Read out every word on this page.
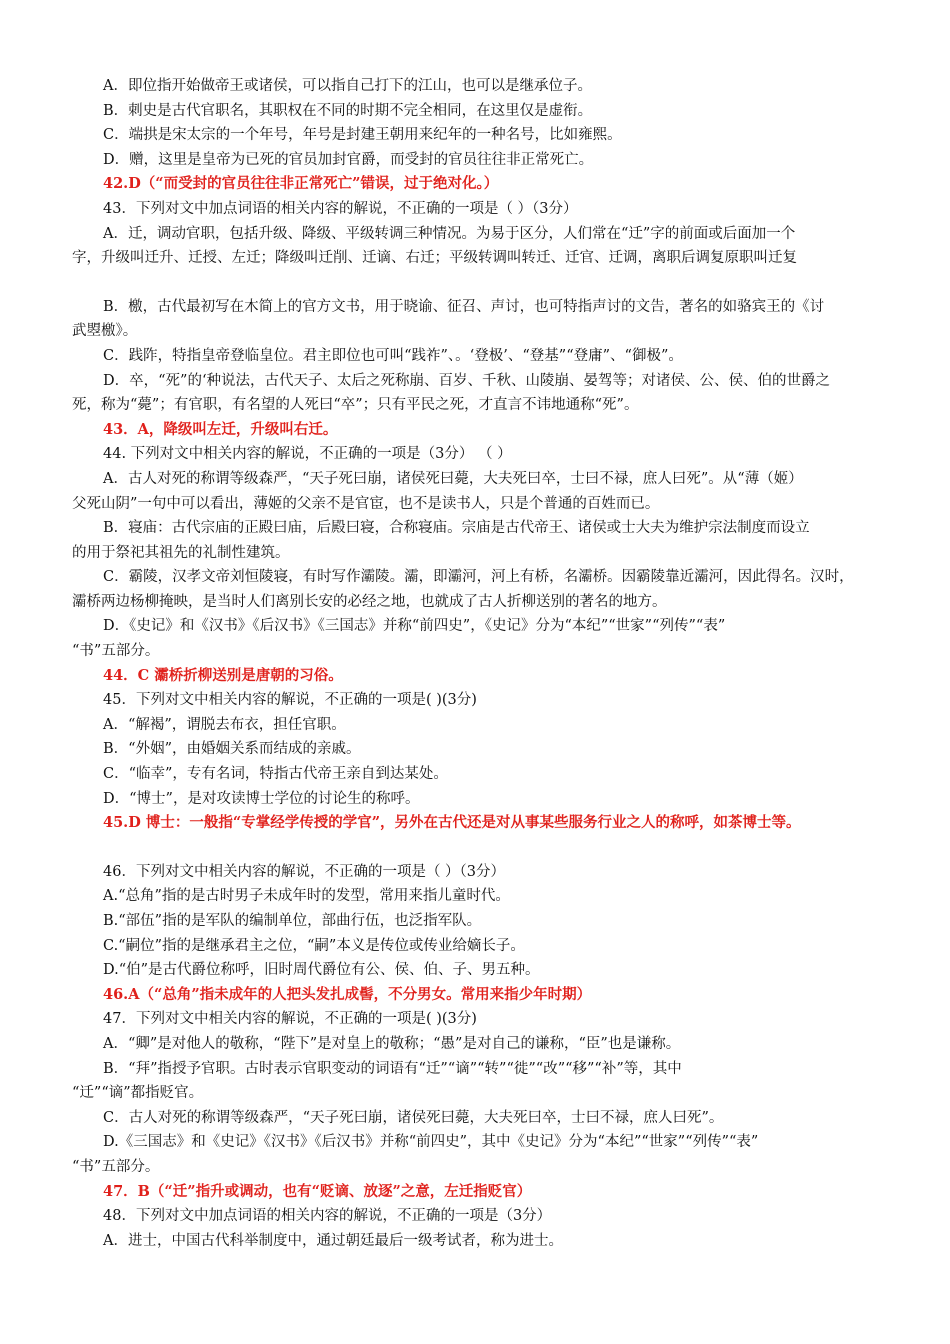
A．即位指开始做帝王或诸侯，可以指自己打下的江山，也可以是继承位子。
B．刺史是古代官职名，其职权在不同的时期不完全相同，在这里仅是虚衔。
C．端拱是宋太宗的一个年号，年号是封建王朝用来纪年的一种名号，比如雍熙。
D．赠，这里是皇帝为已死的官员加封官爵，而受封的官员往往非正常死亡。
42.D（“而受封的官员往往非正常死亡”错误，过于绝对化。）
43．下列对文中加点词语的相关内容的解说，不正确的一项是（ ）（3分）
A．迁，调动官职，包括升级、降级、平级转调三种情况。为易于区分，人们常在“迁”字的前面或后面加一个
字，升级叫迁升、迁授、左迁；降级叫迁削、迁谪、右迁；平级转调叫转迁、迁官、迁调，离职后调复原职叫迁复
B．檄，古代最初写在木简上的官方文书，用于晓谕、征召、声讨，也可特指声讨的文告，著名的如骆宾王的《讨
武曌檄》。
C．践阼，特指皇帝登临皇位。君主即位也可叫“践祚”、。‘登极’、“登基”“登庸”、“御极”。
D．卒，“死”的‘种说法，古代天子、太后之死称崩、百岁、千秋、山陵崩、晏驾等；对诸侯、公、侯、伯的世爵之
死，称为“薨”；有官职，有名望的人死曰“卒”；只有平民之死，才直言不讳地通称“死”。
43．A，降级叫左迁，升级叫右迁。
44. 下列对文中相关内容的解说，不正确的一项是（3分） （ ）
A．古人对死的称谓等级森严，“天子死曰崩，诸侯死曰薨，大夫死曰卒，士曰不禄，庶人曰死”。从“薄（姬）
父死山阴”一句中可以看出，薄姬的父亲不是官宦，也不是读书人，只是个普通的百姓而已。
B．寝庙：古代宗庙的正殿曰庙，后殿曰寝，合称寝庙。宗庙是古代帝王、诸侯或士大夫为维护宗法制度而设立
的用于祭祀其祖先的礼制性建筑。
C．霸陵，汉孝文帝刘恒陵寝，有时写作灞陵。灞，即灞河，河上有桥，名灞桥。因霸陵靠近灞河，因此得名。汉时，
灞桥两边杨柳掩映，是当时人们离别长安的必经之地，也就成了古人折柳送别的著名的地方。
D．《史记》和《汉书》《后汉书》《三国志》并称“前四史”，《史记》分为“本纪”“世家”“列传”“表”
“书”五部分。
44．C 灞桥折柳送别是唐朝的习俗。
45．下列对文中相关内容的解说，不正确的一项是( )(3分)
A．“解褐”，谓脱去布衣，担任官职。
B．“外姻”，由婚姻关系而结成的亲戚。
C．“临幸”，专有名词，特指古代帝王亲自到达某处。
D．“博士”，是对攻读博士学位的讨论生的称呼。
45.D 博士：一般指“专掌经学传授的学官”，另外在古代还是对从事某些服务行业之人的称呼，如茶博士等。
46．下列对文中相关内容的解说，不正确的一项是（ ）（3分）
A.“总角”指的是古时男子未成年时的发型，常用来指儿童时代。
B.“部伍”指的是军队的编制单位，部曲行伍，也泛指军队。
C.“嗣位”指的是继承君主之位，“嗣”本义是传位或传业给嫡长子。
D.“伯”是古代爵位称呼，旧时周代爵位有公、侯、伯、子、男五种。
46.A（“总角”指未成年的人把头发扎成髻，不分男女。常用来指少年时期）
47．下列对文中相关内容的解说，不正确的一项是( )(3分)
A．“卿”是对他人的敬称，“陛下”是对皇上的敬称；“愚”是对自己的谦称，“臣”也是谦称。
B．“拜”指授予官职。古时表示官职变动的词语有“迁”“谪”“转”“徙”“改”“移”“补”等，其中
“迁”“谪”都指贬官。
C．古人对死的称谓等级森严，“天子死曰崩，诸侯死曰薨，大夫死曰卒，士曰不禄，庶人曰死”。
D.《三国志》和《史记》《汉书》《后汉书》并称“前四史”，其中《史记》分为“本纪”“世家”“列传”“表”
“书”五部分。
47．B（“迁”指升或调动，也有“贬谪、放逐”之意，左迁指贬官）
48．下列对文中加点词语的相关内容的解说，不正确的一项是（3分）
A．进士，中国古代科举制度中，通过朝廷最后一级考试者，称为进士。
